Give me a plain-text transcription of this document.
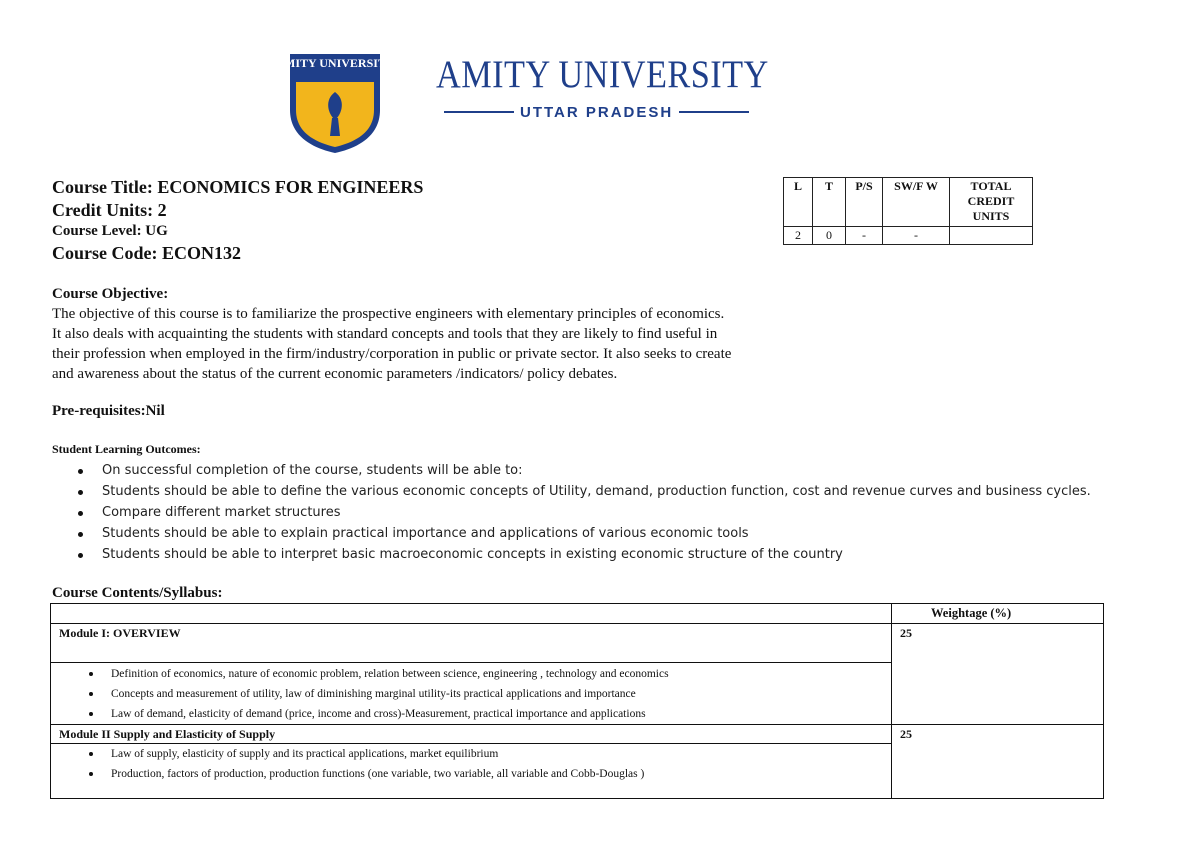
AMITY UNIVERSITY AMITY UNIVERSITY
UTTAR PRADESH
Course Title: ECONOMICS FOR ENGINEERS
Credit Units: 2
Course Level: UG
Course Code: ECON132
L	T	P/S	SW/F W	TOTAL CREDIT UNITS
2	0	-	-	
Course Objective:
The objective of this course is to familiarize the prospective engineers with elementary principles of economics.
It also deals with acquainting the students with standard concepts and tools that they are likely to find useful in
their profession when employed in the firm/industry/corporation in public or private sector. It also seeks to create
and awareness about the status of the current economic parameters /indicators/ policy debates.
Pre-requisites:Nil
Student Learning Outcomes:
On successful completion of the course, students will be able to:
Students should be able to define the various economic concepts of Utility, demand, production function, cost and revenue curves and business cycles.
Compare different market structures
Students should be able to explain practical importance and applications of various economic tools
Students should be able to interpret basic macroeconomic concepts in existing economic structure of the country
Course Contents/Syllabus:
Weightage (%)
Module I: OVERVIEW	25
Definition of economics, nature of economic problem, relation between science, engineering , technology and economics
Concepts and measurement of utility, law of diminishing marginal utility-its practical applications and importance
Law of demand, elasticity of demand (price, income and cross)-Measurement, practical importance and applications
Module II Supply and Elasticity of Supply	25
Law of supply, elasticity of supply and its practical applications, market equilibrium
Production, factors of production, production functions (one variable, two variable, all variable and Cobb-Douglas )
